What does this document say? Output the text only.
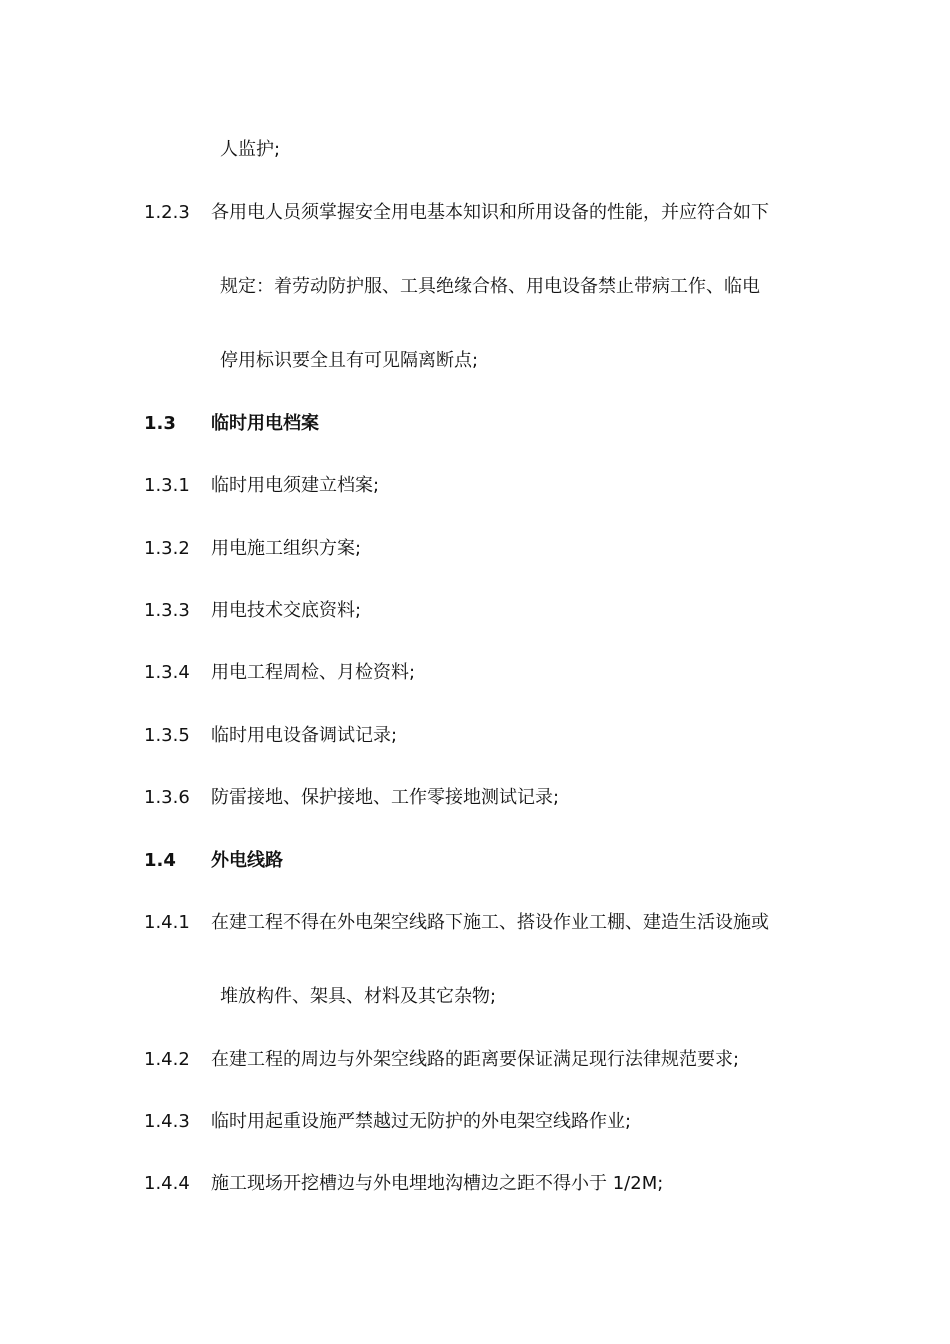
人监护;
1.2.3 各用电人员须掌握安全用电基本知识和所用设备的性能，并应符合如下
规定：着劳动防护服、工具绝缘合格、用电设备禁止带病工作、临电
停用标识要全且有可见隔离断点;
1.3 临时用电档案
1.3.1 临时用电须建立档案;
1.3.2 用电施工组织方案;
1.3.3 用电技术交底资料;
1.3.4 用电工程周检、月检资料;
1.3.5 临时用电设备调试记录;
1.3.6 防雷接地、保护接地、工作零接地测试记录;
1.4 外电线路
1.4.1 在建工程不得在外电架空线路下施工、搭设作业工棚、建造生活设施或
堆放构件、架具、材料及其它杂物;
1.4.2 在建工程的周边与外架空线路的距离要保证满足现行法律规范要求;
1.4.3 临时用起重设施严禁越过无防护的外电架空线路作业;
1.4.4 施工现场开挖槽边与外电埋地沟槽边之距不得小于 1/2M;
